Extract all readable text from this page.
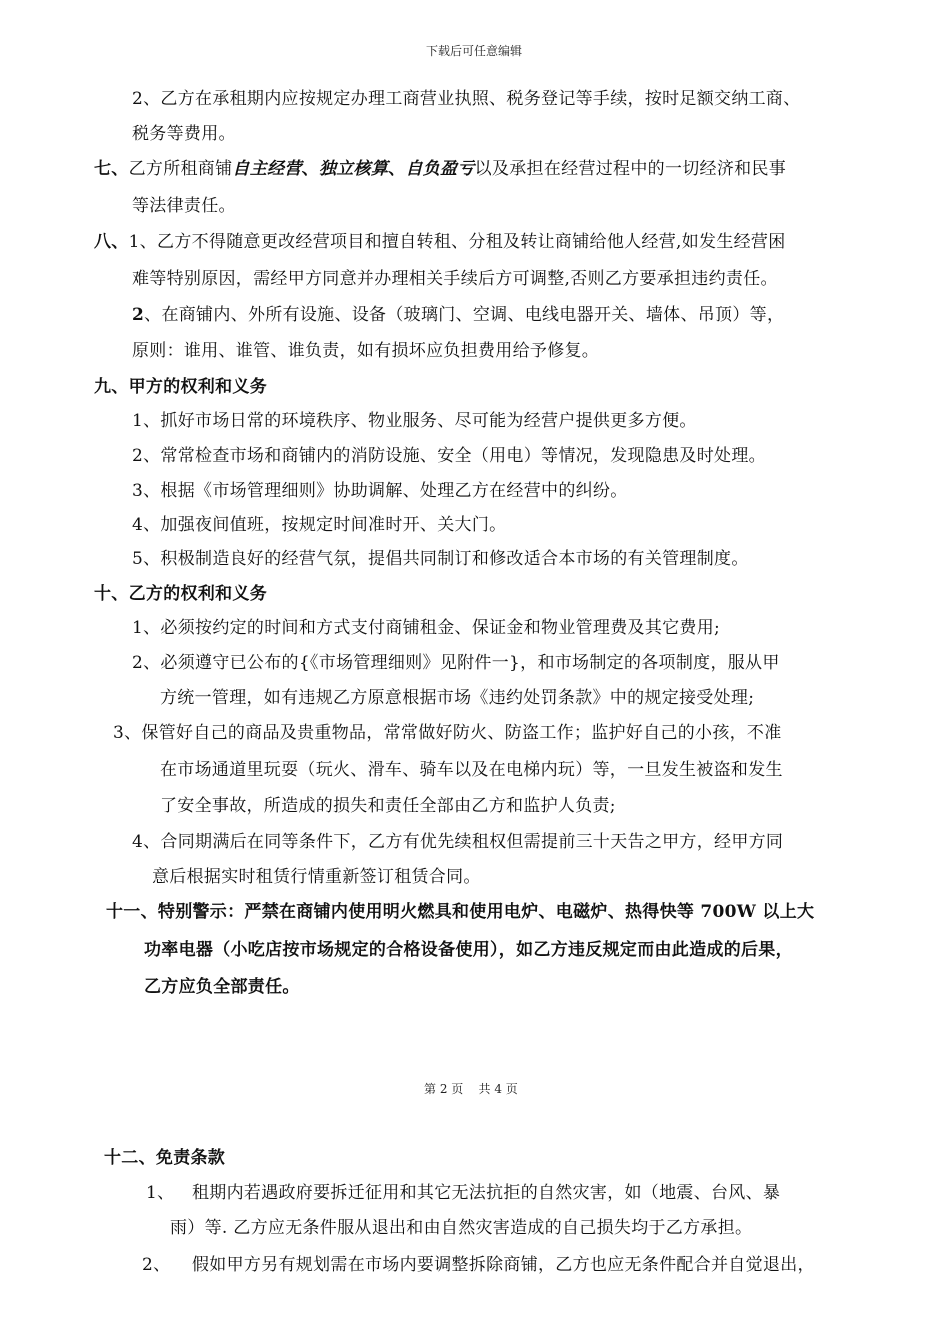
下载后可任意编辑
2、乙方在承租期内应按规定办理工商营业执照、税务登记等手续，按时足额交纳工商、
税务等费用。
七、乙方所租商铺自主经营、独立核算、自负盈亏以及承担在经营过程中的一切经济和民事
等法律责任。
八、1、乙方不得随意更改经营项目和擅自转租、分租及转让商铺给他人经营,如发生经营困
难等特别原因，需经甲方同意并办理相关手续后方可调整,否则乙方要承担违约责任。
2、在商铺内、外所有设施、设备（玻璃门、空调、电线电器开关、墙体、吊顶）等，
原则：谁用、谁管、谁负责，如有损坏应负担费用给予修复。
九、甲方的权利和义务
1、抓好市场日常的环境秩序、物业服务、尽可能为经营户提供更多方便。
2、常常检查市场和商铺内的消防设施、安全（用电）等情况，发现隐患及时处理。
3、根据《市场管理细则》协助调解、处理乙方在经营中的纠纷。
4、加强夜间值班，按规定时间准时开、关大门。
5、积极制造良好的经营气氛，提倡共同制订和修改适合本市场的有关管理制度。
十、乙方的权利和义务
1、必须按约定的时间和方式支付商铺租金、保证金和物业管理费及其它费用;
2、必须遵守已公布的{《市场管理细则》见附件一}，和市场制定的各项制度，服从甲
方统一管理，如有违规乙方原意根据市场《违约处罚条款》中的规定接受处理;
3、保管好自己的商品及贵重物品，常常做好防火、防盗工作；监护好自己的小孩，不准
在市场通道里玩耍（玩火、滑车、骑车以及在电梯内玩）等，一旦发生被盗和发生
了安全事故，所造成的损失和责任全部由乙方和监护人负责;
4、合同期满后在同等条件下，乙方有优先续租权但需提前三十天告之甲方，经甲方同
意后根据实时租赁行情重新签订租赁合同。
十一、特别警示：严禁在商铺内使用明火燃具和使用电炉、电磁炉、热得快等 700W 以上大
功率电器（小吃店按市场规定的合格设备使用），如乙方违反规定而由此造成的后果，
乙方应负全部责任。
第 2 页    共 4 页
十二、免责条款
1、 租期内若遇政府要拆迁征用和其它无法抗拒的自然灾害，如（地震、台风、暴
雨）等. 乙方应无条件服从退出和由自然灾害造成的自己损失均于乙方承担。
2、 假如甲方另有规划需在市场内要调整拆除商铺，乙方也应无条件配合并自觉退出，
